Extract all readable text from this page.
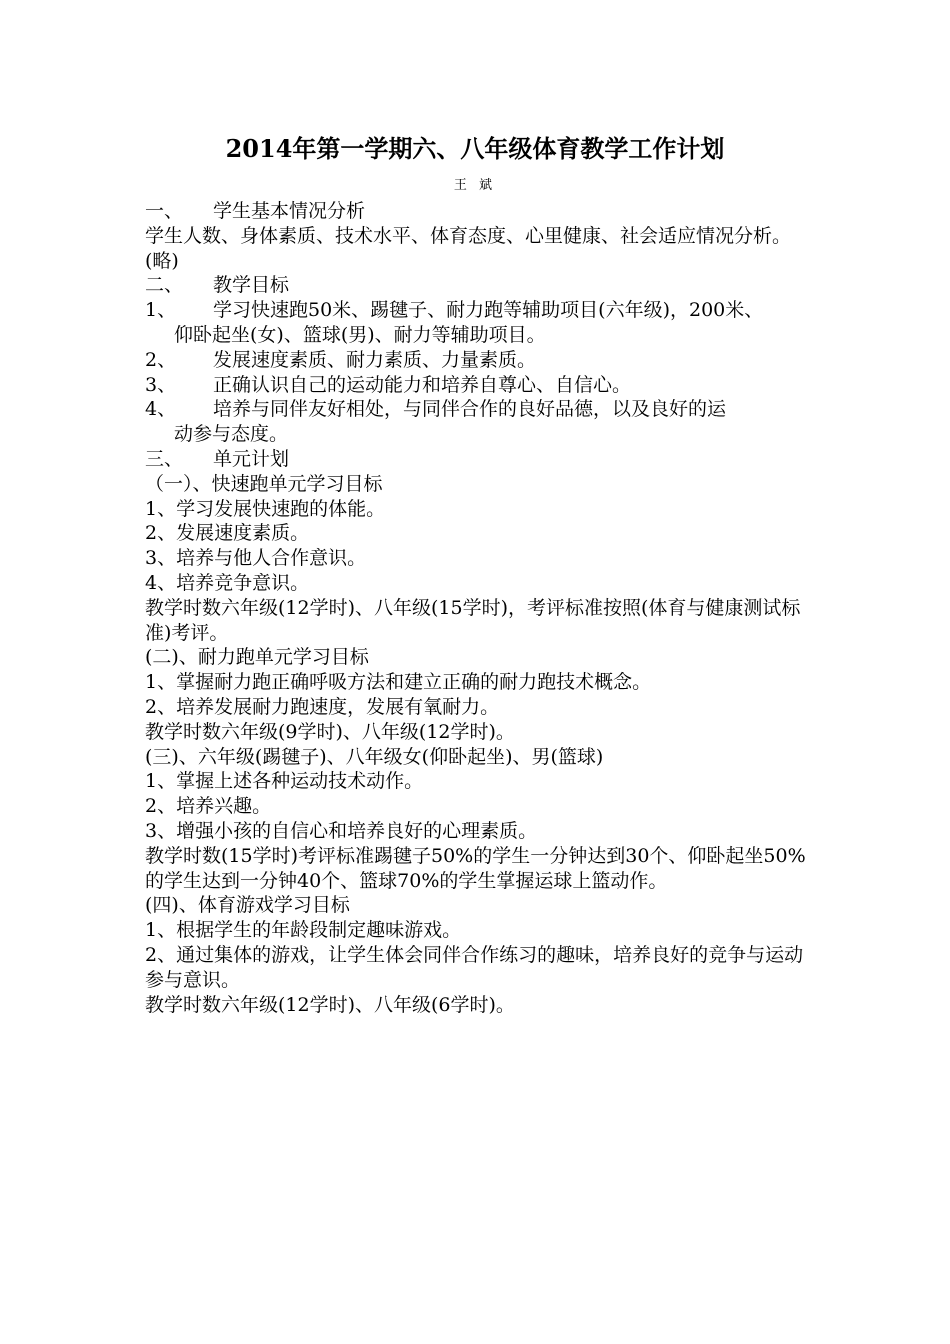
2014年第一学期六、八年级体育教学工作计划
王 斌
一、 学生基本情况分析
学生人数、身体素质、技术水平、体育态度、心里健康、社会适应情况分析。(略)
二、 教学目标
1、 学习快速跑50米、踢毽子、耐力跑等辅助项目(六年级)，200米、
仰卧起坐(女)、篮球(男)、耐力等辅助项目。
2、 发展速度素质、耐力素质、力量素质。
3、 正确认识自己的运动能力和培养自尊心、自信心。
4、 培养与同伴友好相处，与同伴合作的良好品德，以及良好的运
动参与态度。
三、 单元计划
（一）、快速跑单元学习目标
1、学习发展快速跑的体能。
2、发展速度素质。
3、培养与他人合作意识。
4、培养竞争意识。
教学时数六年级(12学时)、八年级(15学时)，考评标准按照(体育与健康测试标准)考评。
(二)、耐力跑单元学习目标
1、掌握耐力跑正确呼吸方法和建立正确的耐力跑技术概念。
2、培养发展耐力跑速度，发展有氧耐力。
教学时数六年级(9学时)、八年级(12学时)。
(三)、六年级(踢毽子)、八年级女(仰卧起坐)、男(篮球)
1、掌握上述各种运动技术动作。
2、培养兴趣。
3、增强小孩的自信心和培养良好的心理素质。
教学时数(15学时)考评标准踢毽子50%的学生一分钟达到30个、仰卧起坐50%的学生达到一分钟40个、篮球70%的学生掌握运球上篮动作。
(四)、体育游戏学习目标
1、根据学生的年龄段制定趣味游戏。
2、通过集体的游戏，让学生体会同伴合作练习的趣味，培养良好的竞争与运动参与意识。
教学时数六年级(12学时)、八年级(6学时)。
